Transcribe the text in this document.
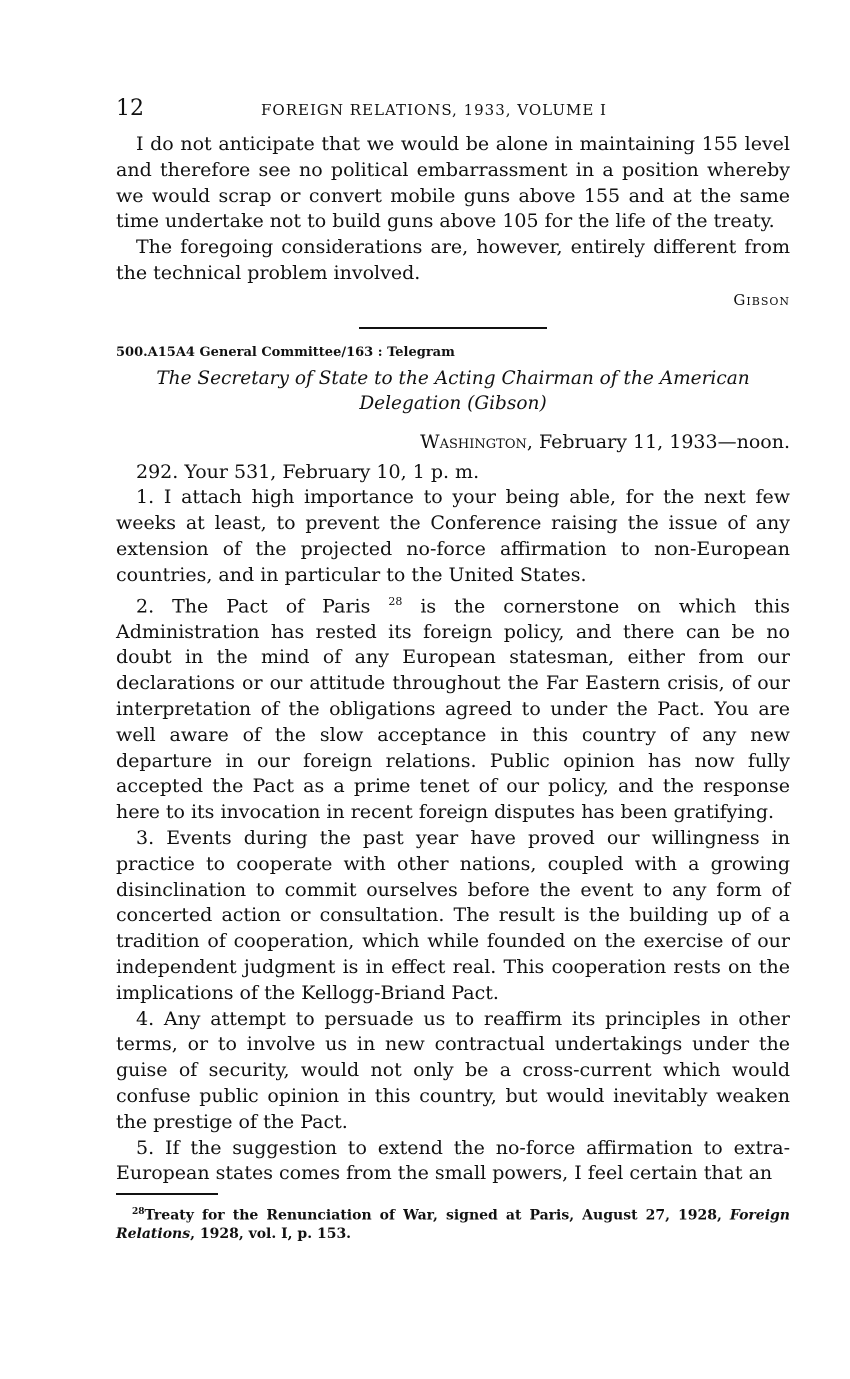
12	FOREIGN RELATIONS, 1933, VOLUME I

I do not anticipate that we would be alone in maintaining 155 level and therefore see no political embarrassment in a position whereby we would scrap or convert mobile guns above 155 and at the same time undertake not to build guns above 105 for the life of the treaty.

The foregoing considerations are, however, entirely different from the technical problem involved.

Gibson

500.A15A4 General Committee/163 : Telegram

The Secretary of State to the Acting Chairman of the American
Delegation (Gibson)

Washington, February 11, 1933—noon.

292. Your 531, February 10, 1 p. m.

1. I attach high importance to your being able, for the next few weeks at least, to prevent the Conference raising the issue of any extension of the projected no-force affirmation to non-European countries, and in particular to the United States.

2. The Pact of Paris $^{28}$ is the cornerstone on which this Administration has rested its foreign policy, and there can be no doubt in the mind of any European statesman, either from our declarations or our attitude throughout the Far Eastern crisis, of our interpretation of the obligations agreed to under the Pact. You are well aware of the slow acceptance in this country of any new departure in our foreign relations. Public opinion has now fully accepted the Pact as a prime tenet of our policy, and the response here to its invocation in recent foreign disputes has been gratifying.

3. Events during the past year have proved our willingness in practice to cooperate with other nations, coupled with a growing disinclination to commit ourselves before the event to any form of concerted action or consultation. The result is the building up of a tradition of cooperation, which while founded on the exercise of our independent judgment is in effect real. This cooperation rests on the implications of the Kellogg-Briand Pact.

4. Any attempt to persuade us to reaffirm its principles in other terms, or to involve us in new contractual undertakings under the guise of security, would not only be a cross-current which would confuse public opinion in this country, but would inevitably weaken the prestige of the Pact.

5. If the suggestion to extend the no-force affirmation to extra-European states comes from the small powers, I feel certain that an

$^{28}$Treaty for the Renunciation of War, signed at Paris, August 27, 1928, Foreign Relations, 1928, vol. I, p. 153.
